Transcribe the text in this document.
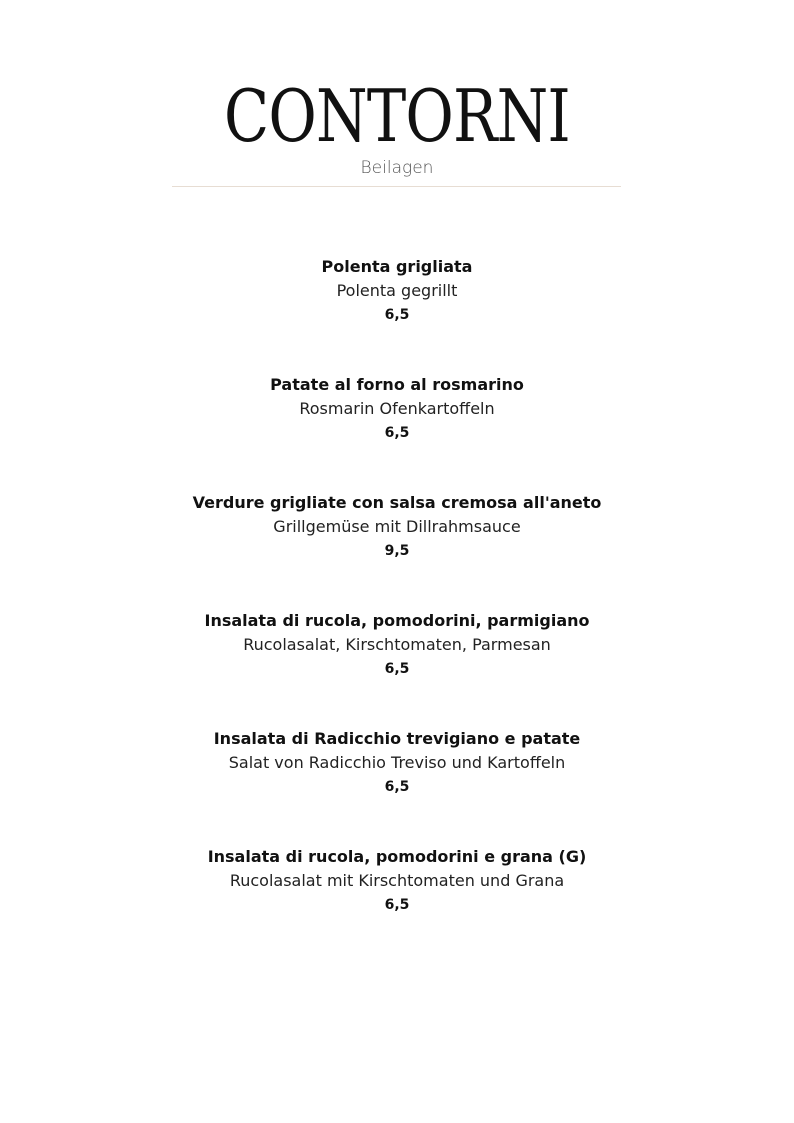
CONTORNI
Beilagen
Polenta grigliata
Polenta gegrillt
6,5
Patate al forno al rosmarino
Rosmarin Ofenkartoffeln
6,5
Verdure grigliate con salsa cremosa all'aneto
Grillgemüse mit Dillrahmsauce
9,5
Insalata di rucola, pomodorini, parmigiano
Rucolasalat, Kirschtomaten, Parmesan
6,5
Insalata di Radicchio trevigiano e patate
Salat von Radicchio Treviso und Kartoffeln
6,5
Insalata di rucola, pomodorini e grana (G)
Rucolasalat mit Kirschtomaten und Grana
6,5
